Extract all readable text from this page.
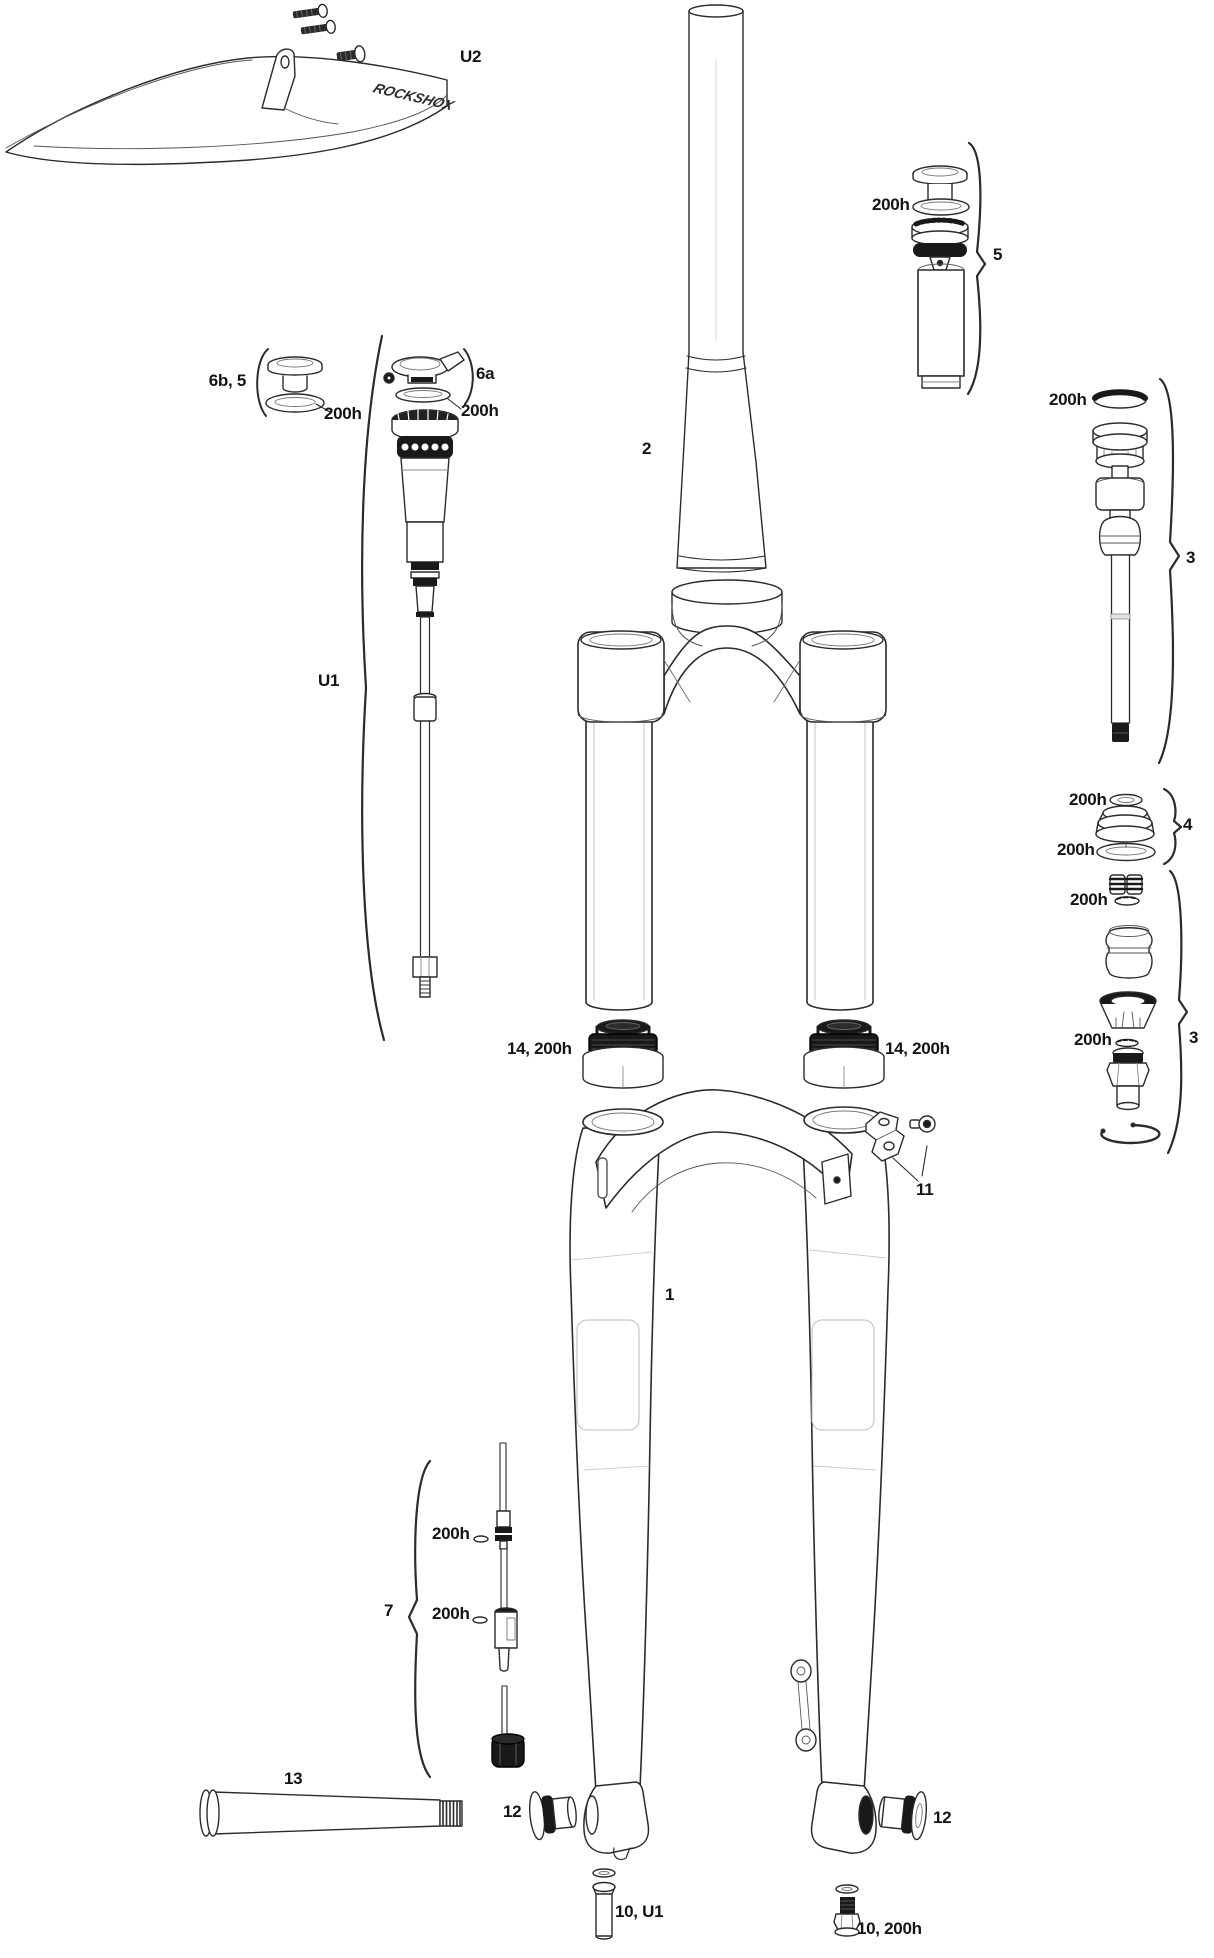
ROCKSHOX
U2
6b, 5
200h
6a
200h
U1
2
200h
5
200h
3
200h
4
200h
200h
200h	3
14, 200h	14, 200h
1
11
7
200h
200h
13
12	12
10, U1
10, 200h
